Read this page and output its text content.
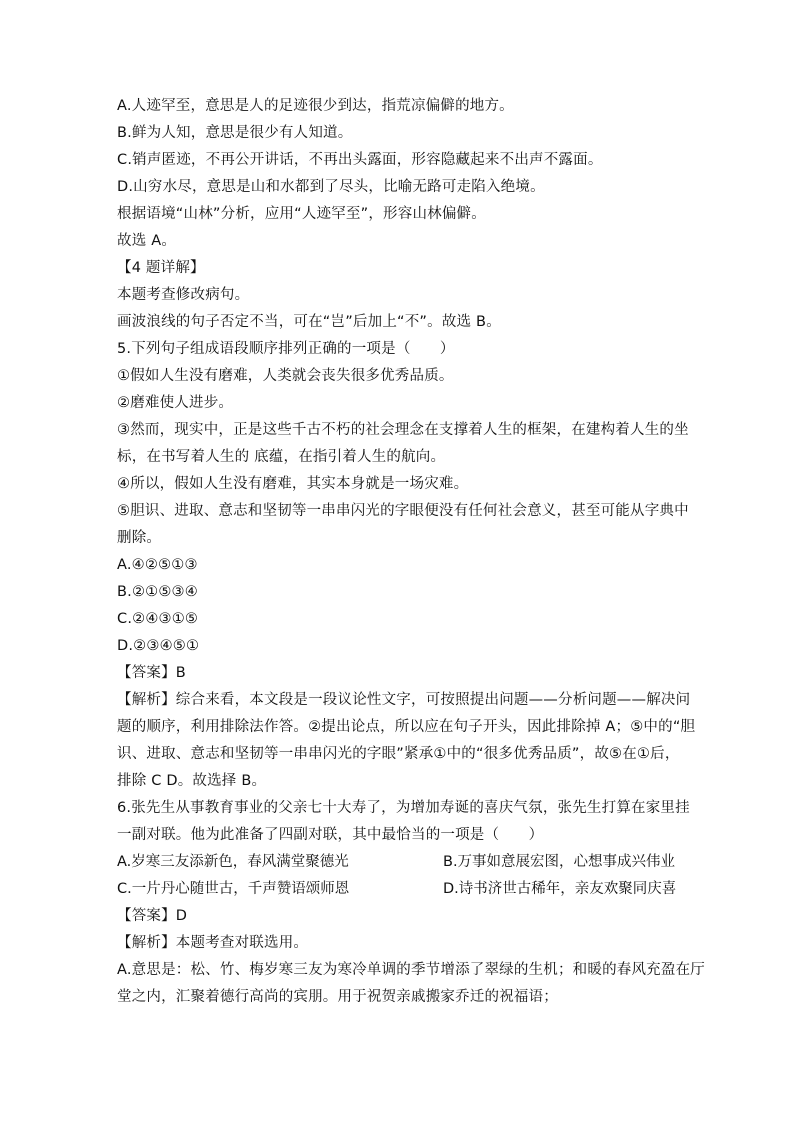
A.人迹罕至，意思是人的足迹很少到达，指荒凉偏僻的地方。
B.鲜为人知，意思是很少有人知道。
C.销声匿迹，不再公开讲话，不再出头露面，形容隐藏起来不出声不露面。
D.山穷水尽，意思是山和水都到了尽头，比喻无路可走陷入绝境。
根据语境“山林”分析，应用“人迹罕至”，形容山林偏僻。
故选 A。
【4 题详解】
本题考查修改病句。
画波浪线的句子否定不当，可在“岂”后加上“不”。故选 B。
5.下列句子组成语段顺序排列正确的一项是（　　）
①假如人生没有磨难，人类就会丧失很多优秀品质。
②磨难使人进步。
③然而，现实中，正是这些千古不朽的社会理念在支撑着人生的框架，在建构着人生的坐
标，在书写着人生的 底蕴，在指引着人生的航向。
④所以，假如人生没有磨难，其实本身就是一场灾难。
⑤胆识、进取、意志和坚韧等一串串闪光的字眼便没有任何社会意义，甚至可能从字典中
删除。
A.④②⑤①③
B.②①⑤③④
C.②④③①⑤
D.②③④⑤①
【答案】B
【解析】综合来看，本文段是一段议论性文字，可按照提出问题——分析问题——解决问
题的顺序，利用排除法作答。②提出论点，所以应在句子开头，因此排除掉 A；⑤中的“胆
识、进取、意志和坚韧等一串串闪光的字眼”紧承①中的“很多优秀品质”，故⑤在①后，
排除 C D。故选择 B。
6.张先生从事教育事业的父亲七十大寿了，为增加寿诞的喜庆气氛，张先生打算在家里挂
一副对联。他为此准备了四副对联，其中最恰当的一项是（　　）
A.岁寒三友添新色，春风满堂聚德光	B.万事如意展宏图，心想事成兴伟业
C.一片丹心随世古，千声赞语颂师恩	D.诗书济世古稀年，亲友欢聚同庆喜
【答案】D
【解析】本题考查对联选用。
A.意思是：松、竹、梅岁寒三友为寒冷单调的季节增添了翠绿的生机；和暖的春风充盈在厅
堂之内，汇聚着德行高尚的宾朋。用于祝贺亲戚搬家乔迁的祝福语；
